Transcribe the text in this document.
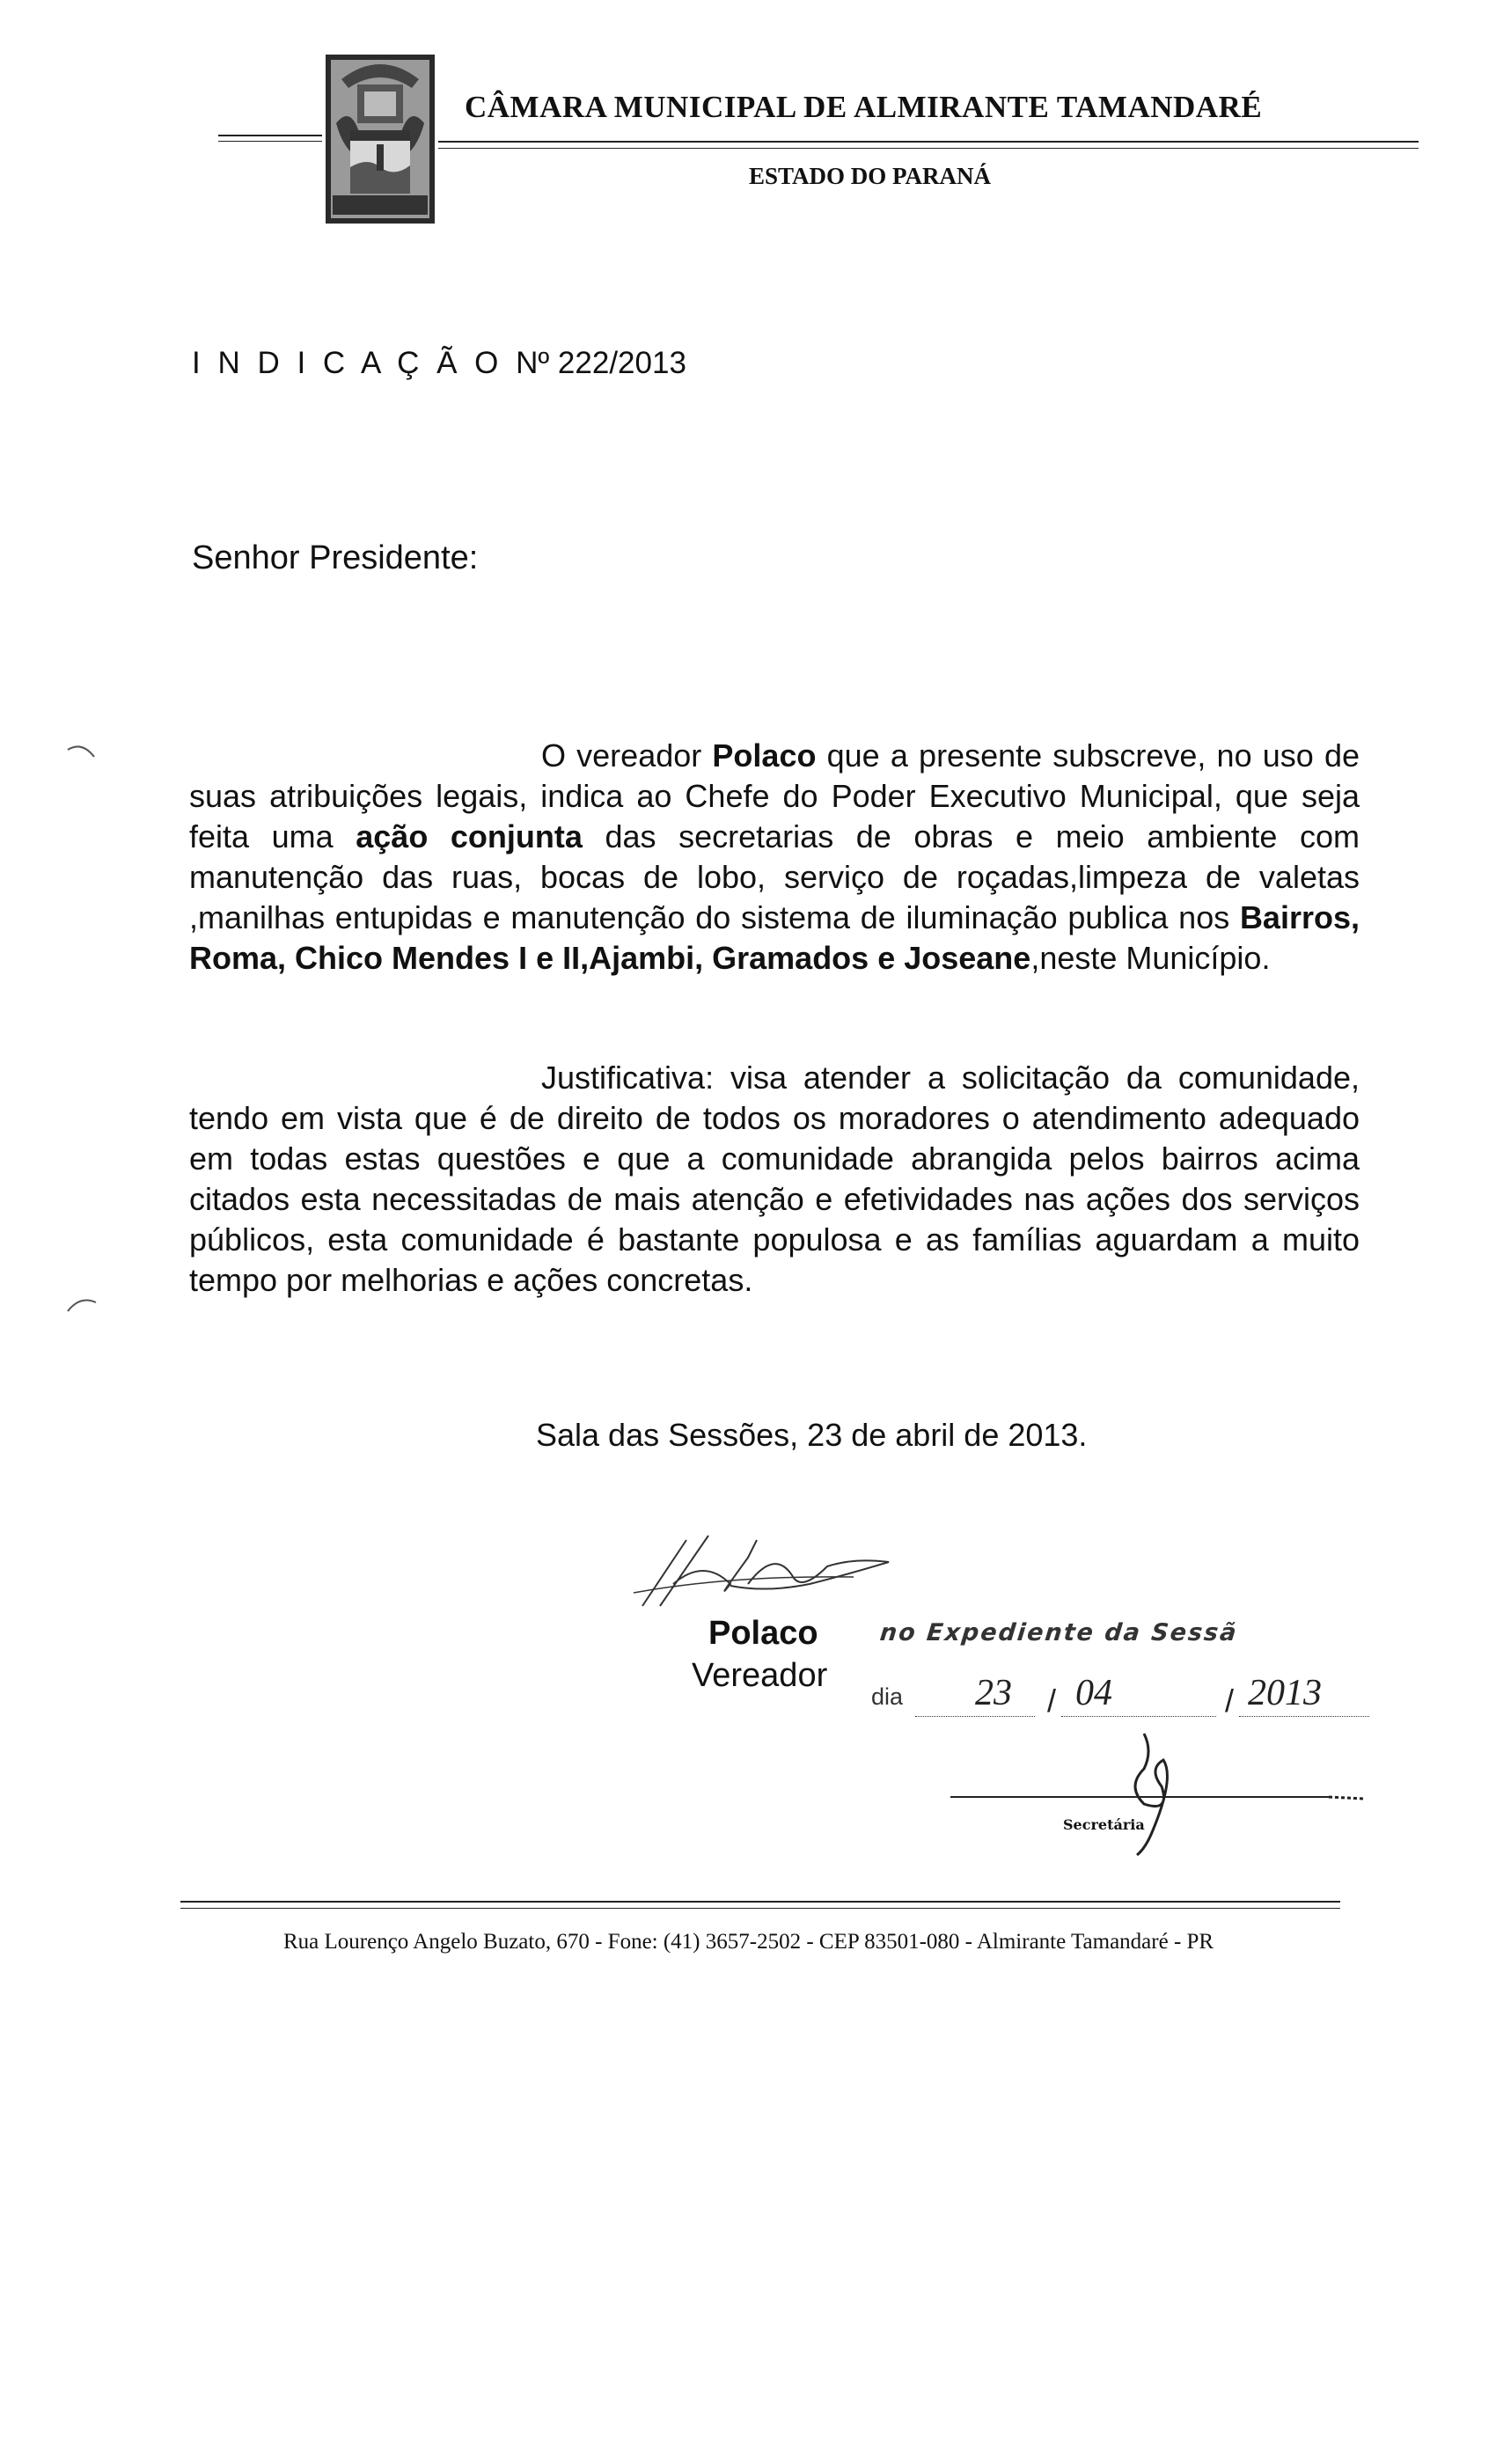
CÂMARA MUNICIPAL DE ALMIRANTE TAMANDARÉ
ESTADO DO PARANÁ
I N D I C A Ç Ã O Nº 222/2013
Senhor Presidente:
O vereador Polaco que a presente subscreve, no uso de suas atribuições legais, indica ao Chefe do Poder Executivo Municipal, que seja feita uma ação conjunta das secretarias de obras e meio ambiente com manutenção das ruas, bocas de lobo, serviço de roçadas,limpeza de valetas ,manilhas entupidas e manutenção do sistema de iluminação publica nos Bairros, Roma, Chico Mendes I e II,Ajambi, Gramados e Joseane,neste Município.
Justificativa: visa atender a solicitação da comunidade, tendo em vista que é de direito de todos os moradores o atendimento adequado em todas estas questões e que a comunidade abrangida pelos bairros acima citados esta necessitadas de mais atenção e efetividades nas ações dos serviços públicos, esta comunidade é bastante populosa e as famílias aguardam a muito tempo por melhorias e ações concretas.
Sala das Sessões, 23 de abril de 2013.
Polaco
Vereador
no Expediente da Sessã
dia 23 / 04	/ 2013
Secretária
Rua Lourenço Angelo Buzato, 670 - Fone: (41) 3657-2502 - CEP 83501-080 - Almirante Tamandaré - PR
